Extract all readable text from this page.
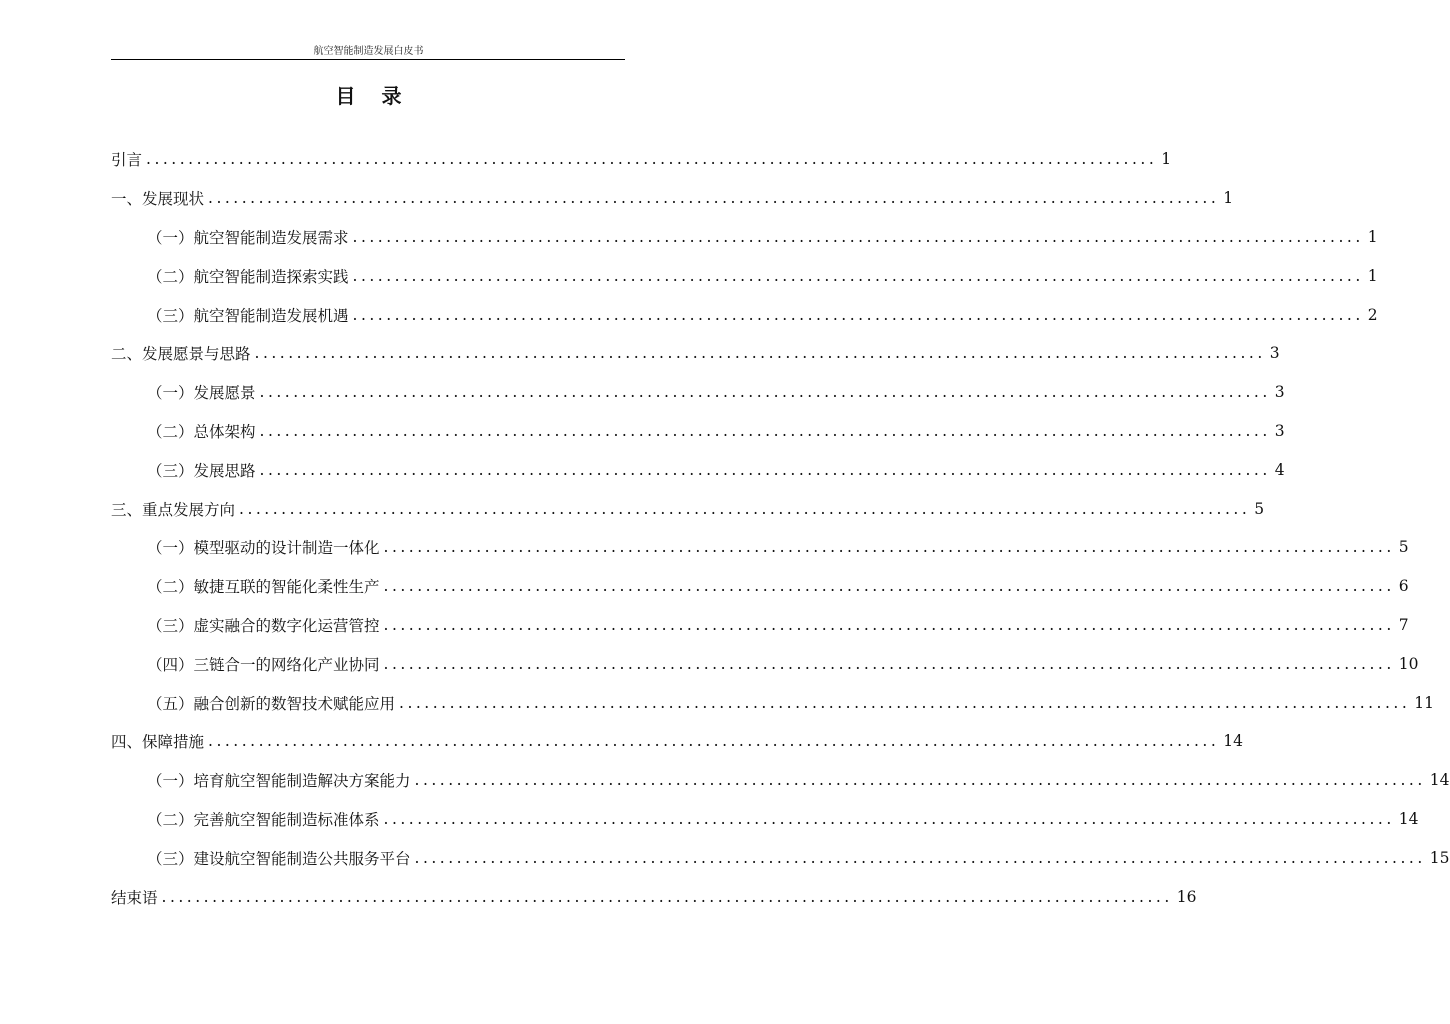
航空智能制造发展白皮书
目录
引言 ........................................................................................................................ 1
一、发展现状 ........................................................................................................................ 1
（一）航空智能制造发展需求 ........................................................................................................................ 1
（二）航空智能制造探索实践 ........................................................................................................................ 1
（三）航空智能制造发展机遇 ........................................................................................................................ 2
二、发展愿景与思路 ........................................................................................................................ 3
（一）发展愿景 ........................................................................................................................ 3
（二）总体架构 ........................................................................................................................ 3
（三）发展思路 ........................................................................................................................ 4
三、重点发展方向 ........................................................................................................................ 5
（一）模型驱动的设计制造一体化 ........................................................................................................................ 5
（二）敏捷互联的智能化柔性生产 ........................................................................................................................ 6
（三）虚实融合的数字化运营管控 ........................................................................................................................ 7
（四）三链合一的网络化产业协同 ........................................................................................................................ 10
（五）融合创新的数智技术赋能应用 ........................................................................................................................ 11
四、保障措施 ........................................................................................................................ 14
（一）培育航空智能制造解决方案能力 ........................................................................................................................ 14
（二）完善航空智能制造标准体系 ........................................................................................................................ 14
（三）建设航空智能制造公共服务平台 ........................................................................................................................ 15
结束语 ........................................................................................................................ 16
